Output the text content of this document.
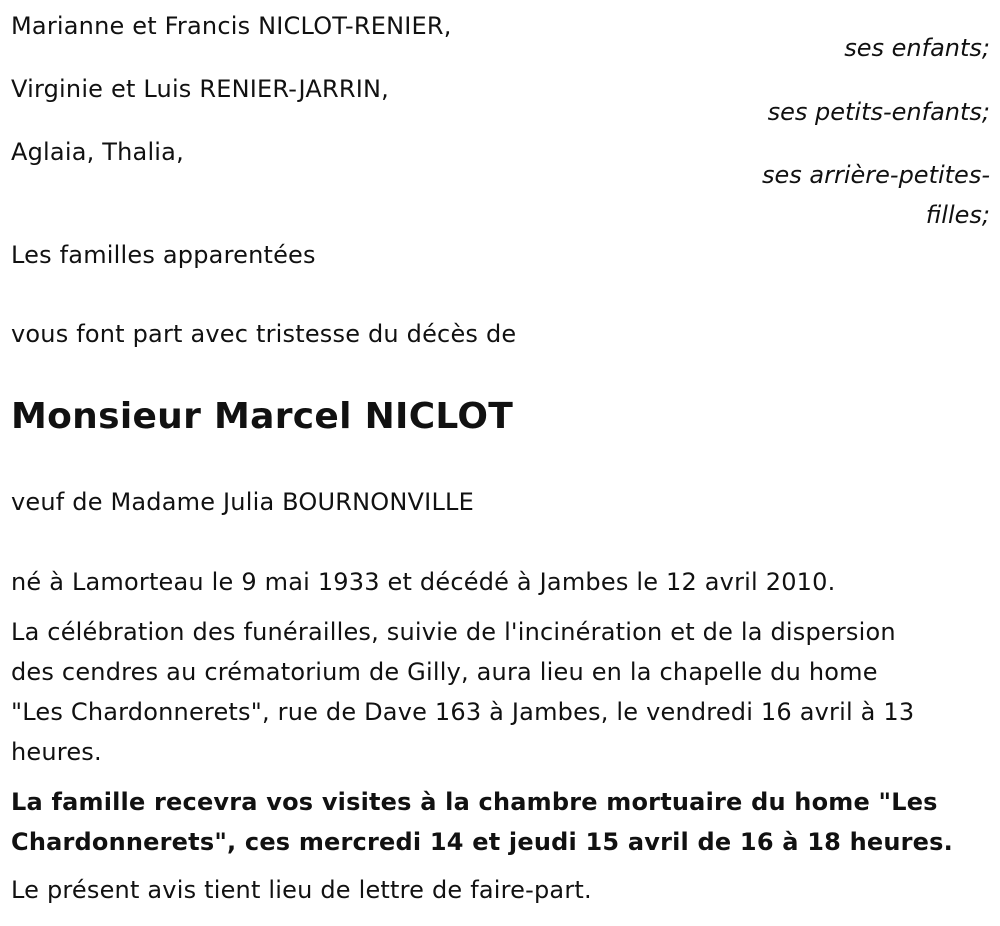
Marianne et Francis NICLOT-RENIER,
ses enfants;
Virginie et Luis RENIER-JARRIN,
ses petits-enfants;
Aglaia, Thalia,
ses arrière-petites-
filles;
Les familles apparentées
vous font part avec tristesse du décès de
Monsieur Marcel NICLOT
veuf de Madame Julia BOURNONVILLE
né à Lamorteau le 9 mai 1933 et décédé à Jambes le 12 avril 2010.
La célébration des funérailles, suivie de l'incinération et de la dispersion
des cendres au crématorium de Gilly, aura lieu en la chapelle du home
"Les Chardonnerets", rue de Dave 163 à Jambes, le vendredi 16 avril à 13
heures.
La famille recevra vos visites à la chambre mortuaire du home "Les
Chardonnerets", ces mercredi 14 et jeudi 15 avril de 16 à 18 heures.
Le présent avis tient lieu de lettre de faire-part.
